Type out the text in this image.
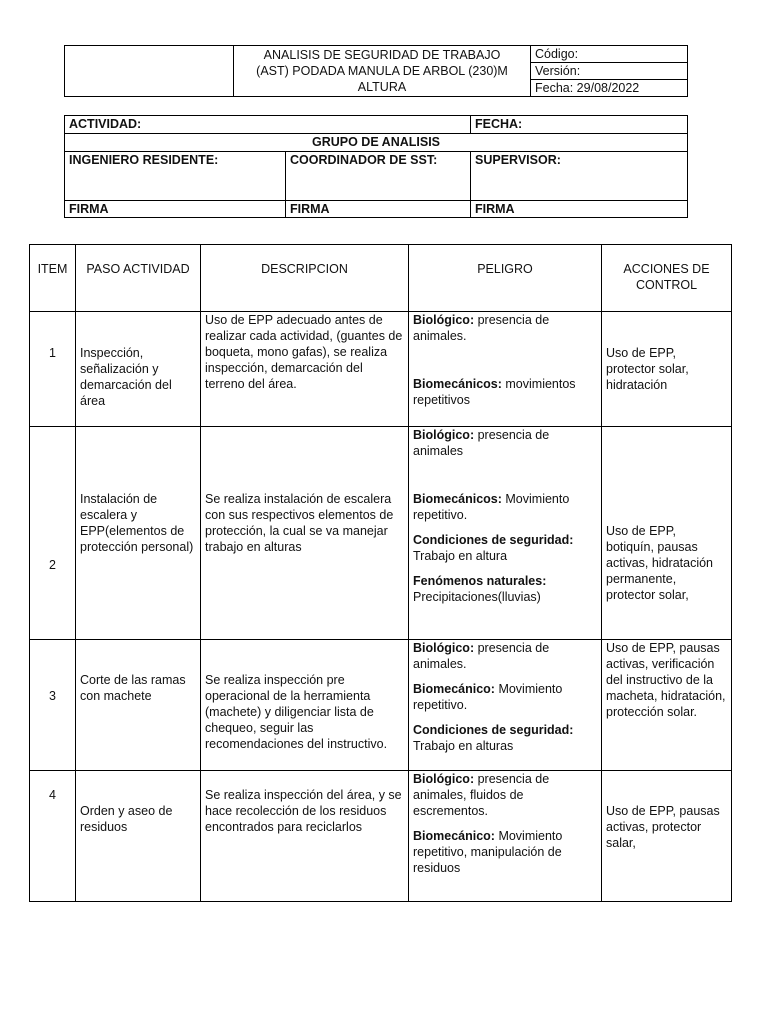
	ANALISIS DE SEGURIDAD DE TRABAJO
(AST) PODADA MANULA DE ARBOL (230)M
ALTURA	Código:
Versión:
Fecha: 29/08/2022
ACTIVIDAD:		FECHA:
GRUPO DE ANALISIS		
INGENIERO RESIDENTE:	COORDINADOR DE SST:	SUPERVISOR:
FIRMA	FIRMA	FIRMA
ITEM	PASO ACTIVIDAD	DESCRIPCION	PELIGRO	ACCIONES DE CONTROL
1	Inspección, señalización y demarcación del área	Uso de EPP adecuado antes de realizar cada actividad, (guantes de boqueta, mono gafas), se realiza inspección, demarcación del terreno del área.	Biológico: presencia de animales.
Biomecánicos: movimientos repetitivos	Uso de EPP, protector solar, hidratación
2	Instalación de escalera y EPP(elementos de protección personal)	Se realiza instalación de escalera con sus respectivos elementos de protección, la cual se va manejar trabajo en alturas	Biológico: presencia de animales
Biomecánicos: Movimiento repetitivo.
Condiciones de seguridad: Trabajo en altura
Fenómenos naturales: Precipitaciones(lluvias)	Uso de EPP, botiquín, pausas activas, hidratación permanente, protector solar,
3	Corte de las ramas con machete	Se realiza inspección pre operacional de la herramienta (machete) y diligenciar lista de chequeo, seguir las recomendaciones del instructivo.	Biológico: presencia de animales.
Biomecánico: Movimiento repetitivo.
Condiciones de seguridad: Trabajo en alturas	Uso de EPP, pausas activas, verificación del instructivo de la macheta, hidratación, protección solar.
4	Orden y aseo de residuos	Se realiza inspección del área, y se hace recolección de los residuos encontrados para reciclarlos	Biológico: presencia de animales, fluidos de escrementos.
Biomecánico: Movimiento repetitivo, manipulación de residuos	Uso de EPP, pausas activas, protector salar,
